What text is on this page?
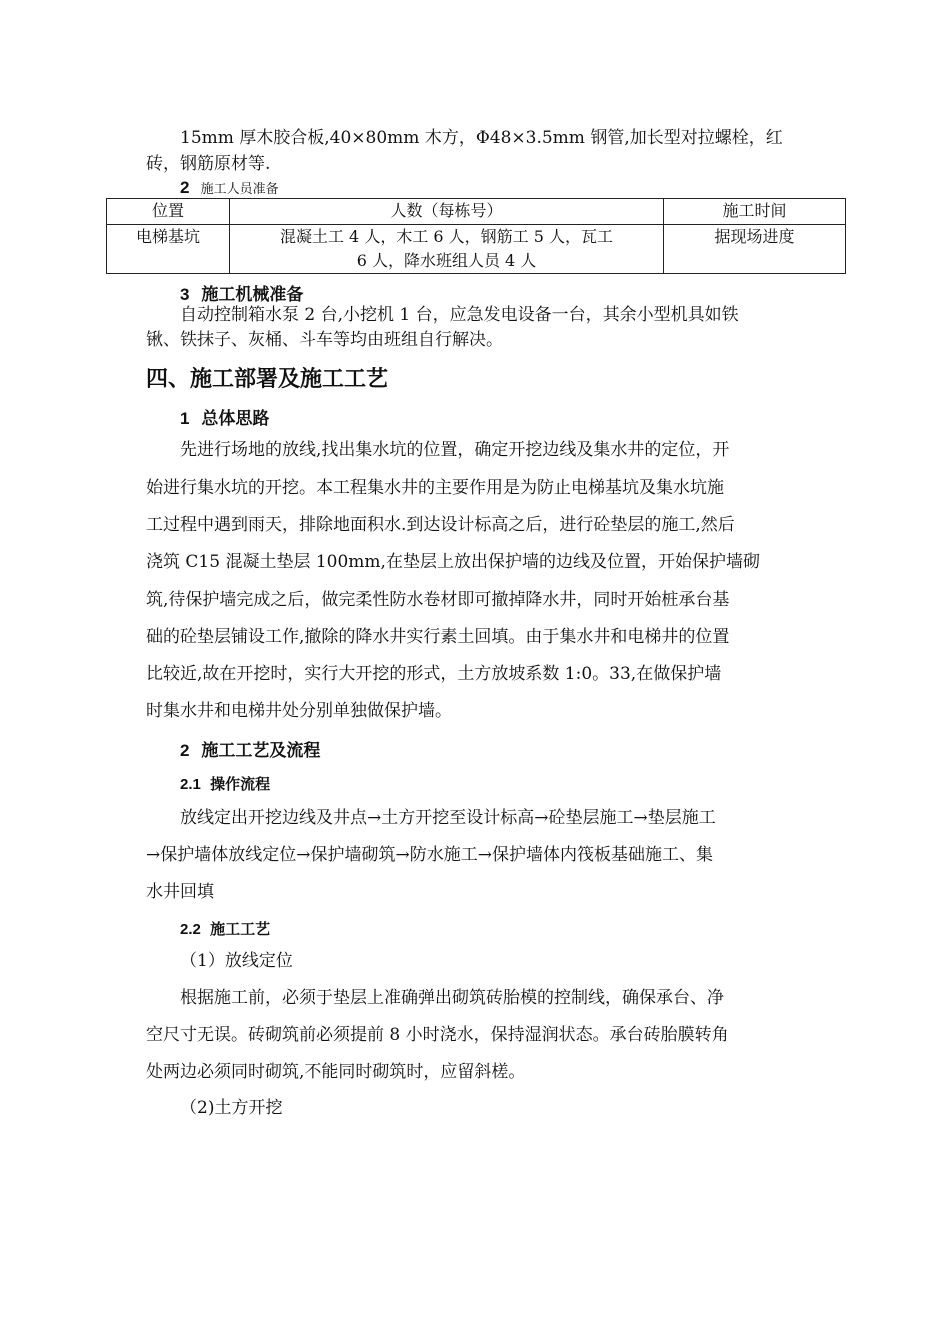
15mm 厚木胶合板,40×80mm 木方，Φ48×3.5mm 钢管,加长型对拉螺栓，红
砖，钢筋原材等.
2 施工人员准备
位置	人数（每栋号）	施工时间
电梯基坑	混凝土工 4 人，木工 6 人，钢筋工 5 人，瓦工
6 人，降水班组人员 4 人	据现场进度
3 施工机械准备
自动控制箱水泵 2 台,小挖机 1 台，应急发电设备一台，其余小型机具如铁
锹、铁抹子、灰桶、斗车等均由班组自行解决。
四、施工部署及施工工艺
1 总体思路
先进行场地的放线,找出集水坑的位置，确定开挖边线及集水井的定位，开
始进行集水坑的开挖。本工程集水井的主要作用是为防止电梯基坑及集水坑施
工过程中遇到雨天，排除地面积水.到达设计标高之后，进行砼垫层的施工,然后
浇筑 C15 混凝土垫层 100mm,在垫层上放出保护墙的边线及位置，开始保护墙砌
筑,待保护墙完成之后，做完柔性防水卷材即可撤掉降水井，同时开始桩承台基
础的砼垫层铺设工作,撤除的降水井实行素土回填。由于集水井和电梯井的位置
比较近,故在开挖时，实行大开挖的形式，土方放坡系数 1:0。33,在做保护墙
时集水井和电梯井处分别单独做保护墙。
2 施工工艺及流程
2.1 操作流程
放线定出开挖边线及井点→土方开挖至设计标高→砼垫层施工→垫层施工
→保护墙体放线定位→保护墙砌筑→防水施工→保护墙体内筏板基础施工、集
水井回填
2.2 施工工艺
（1）放线定位
根据施工前，必须于垫层上准确弹出砌筑砖胎模的控制线，确保承台、净
空尺寸无误。砖砌筑前必须提前 8 小时浇水，保持湿润状态。承台砖胎膜转角
处两边必须同时砌筑,不能同时砌筑时，应留斜槎。
（2)土方开挖
